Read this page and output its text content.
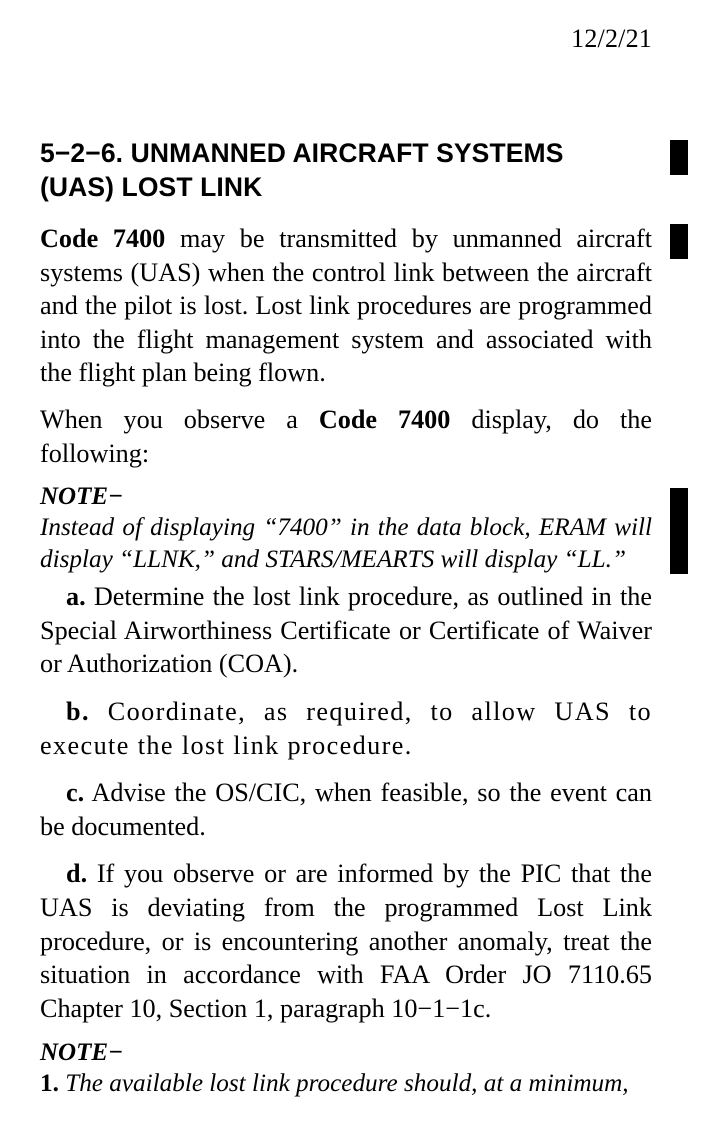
12/2/21
5−2−6. UNMANNED AIRCRAFT SYSTEMS
(UAS) LOST LINK

Code 7400 may be transmitted by unmanned aircraft systems (UAS) when the control link between the aircraft and the pilot is lost. Lost link procedures are programmed into the flight management system and associated with the flight plan being flown.

When you observe a Code 7400 display, do the following:

NOTE−

Instead of displaying “7400” in the data block, ERAM will display “LLNK,” and STARS/MEARTS will display “LL.”

a. Determine the lost link procedure, as outlined in the Special Airworthiness Certificate or Certificate of Waiver or Authorization (COA).

b. Coordinate, as required, to allow UAS to execute the lost link procedure.

c. Advise the OS/CIC, when feasible, so the event can be documented.

d. If you observe or are informed by the PIC that the UAS is deviating from the programmed Lost Link procedure, or is encountering another anomaly, treat the situation in accordance with FAA Order JO 7110.65 Chapter 10, Section 1, paragraph 10−1−1c.

NOTE−
1. The available lost link procedure should, at a minimum,
